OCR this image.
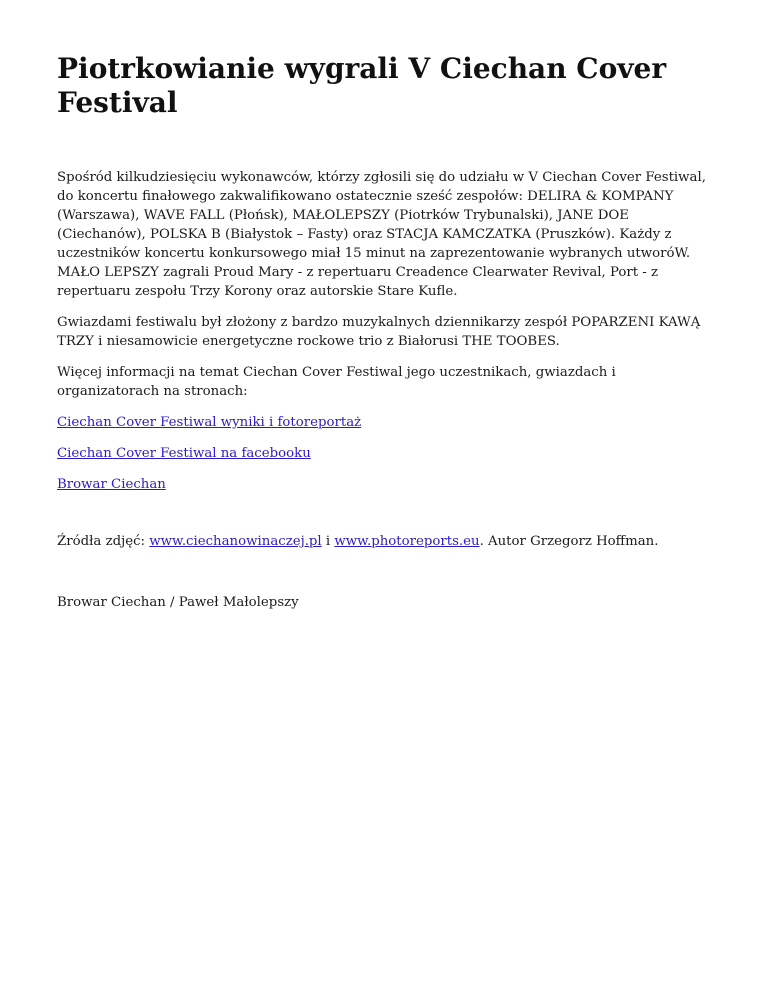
Piotrkowianie wygrali V Ciechan Cover Festival

Spośród kilkudziesięciu wykonawców, którzy zgłosili się do udziału w V Ciechan Cover Festiwal, do koncertu finałowego zakwalifikowano ostatecznie sześć zespołów: DELIRA & KOMPANY (Warszawa), WAVE FALL (Płońsk), MAŁOLEPSZY (Piotrków Trybunalski), JANE DOE (Ciechanów), POLSKA B (Białystok – Fasty) oraz STACJA KAMCZATKA (Pruszków). Każdy z uczestników koncertu konkursowego miał 15 minut na zaprezentowanie wybranych utworóW. MAŁO LEPSZY zagrali Proud Mary - z repertuaru Creadence Clearwater Revival, Port - z repertuaru zespołu Trzy Korony oraz autorskie Stare Kufle.

Gwiazdami festiwalu był złożony z bardzo muzykalnych dziennikarzy zespół POPARZENI KAWĄ TRZY i niesamowicie energetyczne rockowe trio z Białorusi THE TOOBES.

Więcej informacji na temat Ciechan Cover Festiwal jego uczestnikach, gwiazdach i organizatorach na stronach:

Ciechan Cover Festiwal wyniki i fotoreportaż

Ciechan Cover Festiwal na facebooku

Browar Ciechan

Źródła zdjęć: www.ciechanowinaczej.pl i www.photoreports.eu. Autor Grzegorz Hoffman.

Browar Ciechan / Paweł Małolepszy
